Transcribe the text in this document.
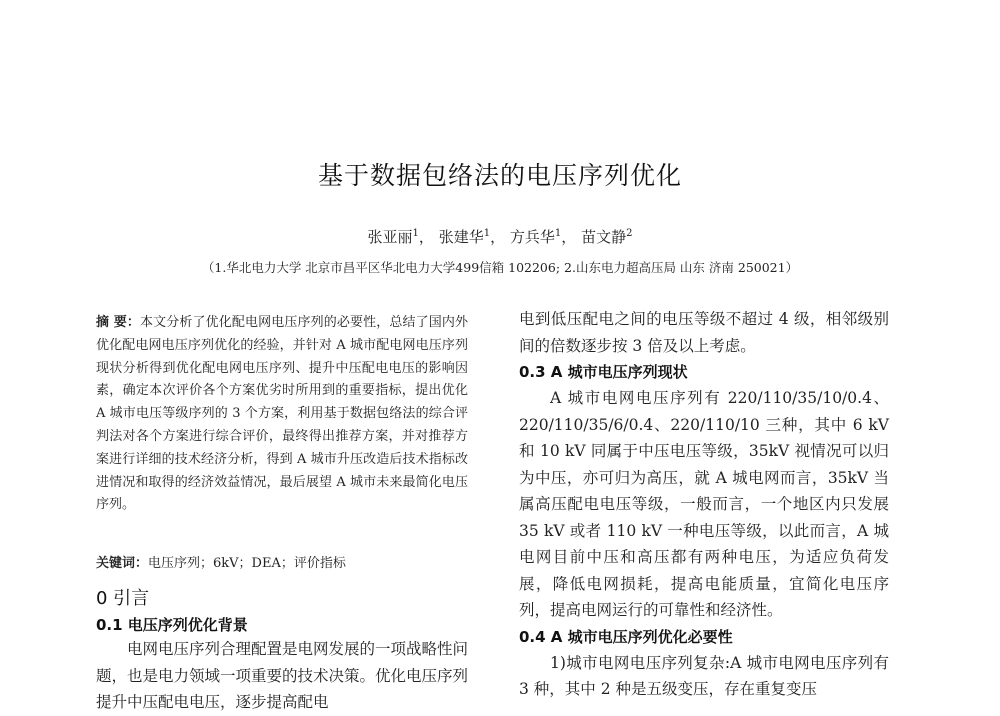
基于数据包络法的电压序列优化
张亚丽$^1$， 张建华$^1$， 方兵华$^1$， 苗文静$^2$
（1.华北电力大学 北京市昌平区华北电力大学499信箱 102206; 2.山东电力超高压局 山东 济南 250021）
摘 要：本文分析了优化配电网电压序列的必要性，总结了国内外优化配电网电压序列优化的经验，并针对 A 城市配电网电压序列现状分析得到优化配电网电压序列、提升中压配电电压的影响因素，确定本次评价各个方案优劣时所用到的重要指标，提出优化 A 城市电压等级序列的 3 个方案，利用基于数据包络法的综合评判法对各个方案进行综合评价，最终得出推荐方案，并对推荐方案进行详细的技术经济分析，得到 A 城市升压改造后技术指标改进情况和取得的经济效益情况，最后展望 A 城市未来最简化电压序列。
关键词：电压序列；6kV；DEA；评价指标
0 引言
0.1 电压序列优化背景

电网电压序列合理配置是电网发展的一项战略性问题，也是电力领域一项重要的技术决策。优化电压序列提升中压配电电压，逐步提高配电

电到低压配电之间的电压等级不超过 4 级，相邻级别间的倍数逐步按 3 倍及以上考虑。

0.3 A 城市电压序列现状

A 城市电网电压序列有 220/110/35/10/0.4、220/110/35/6/0.4、220/110/10 三种，其中 6 kV 和 10 kV 同属于中压电压等级，35kV 视情况可以归为中压，亦可归为高压，就 A 城电网而言，35kV 当属高压配电电压等级，一般而言，一个地区内只发展 35 kV 或者 110 kV 一种电压等级，以此而言，A 城电网目前中压和高压都有两种电压，为适应负荷发展，降低电网损耗，提高电能质量，宜简化电压序列，提高电网运行的可靠性和经济性。

0.4 A 城市电压序列优化必要性

1)城市电网电压序列复杂:A 城市电网电压序列有 3 种，其中 2 种是五级变压，存在重复变压
